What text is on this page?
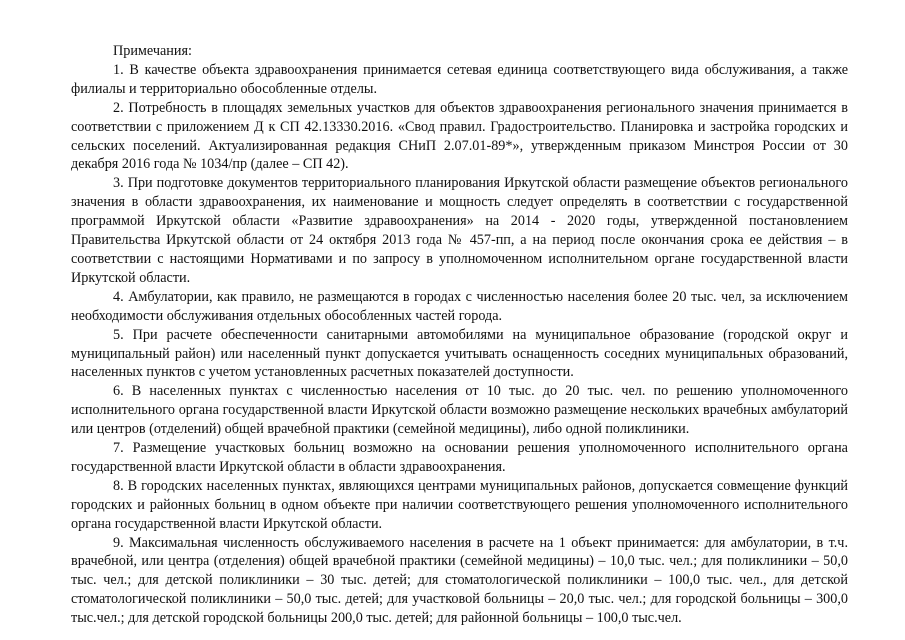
Примечания:

1. В качестве объекта здравоохранения принимается сетевая единица соответствующего вида обслуживания, а также филиалы и территориально обособленные отделы.

2. Потребность в площадях земельных участков для объектов здравоохранения регионального значения принимается в соответствии с приложением Д к СП 42.13330.2016. «Свод правил. Градостроительство. Планировка и застройка городских и сельских поселений. Актуализированная редакция СНиП 2.07.01-89*», утвержденным приказом Минстроя России от 30 декабря 2016 года № 1034/пр (далее – СП 42).

3. При подготовке документов территориального планирования Иркутской области размещение объектов регионального значения в области здравоохранения, их наименование и мощность следует определять в соответствии с государственной программой Иркутской области «Развитие здравоохранения» на 2014 - 2020 годы, утвержденной постановлением Правительства Иркутской области от 24 октября 2013 года № 457-пп, а на период после окончания срока ее действия – в соответствии с настоящими Нормативами и по запросу в уполномоченном исполнительном органе государственной власти Иркутской области.

4. Амбулатории, как правило, не размещаются в городах с численностью населения более 20 тыс. чел, за исключением необходимости обслуживания отдельных обособленных частей города.

5. При расчете обеспеченности санитарными автомобилями на муниципальное образование (городской округ и муниципальный район) или населенный пункт допускается учитывать оснащенность соседних муниципальных образований, населенных пунктов с учетом установленных расчетных показателей доступности.

6. В населенных пунктах с численностью населения от 10 тыс. до 20 тыс. чел. по решению уполномоченного исполнительного органа государственной власти Иркутской области возможно размещение нескольких врачебных амбулаторий или центров (отделений) общей врачебной практики (семейной медицины), либо одной поликлиники.

7. Размещение участковых больниц возможно на основании решения уполномоченного исполнительного органа государственной власти Иркутской области в области здравоохранения.

8. В городских населенных пунктах, являющихся центрами муниципальных районов, допускается совмещение функций городских и районных больниц в одном объекте при наличии соответствующего решения уполномоченного исполнительного органа государственной власти Иркутской области.

9. Максимальная численность обслуживаемого населения в расчете на 1 объект принимается: для амбулатории, в т.ч. врачебной, или центра (отделения) общей врачебной практики (семейной медицины) – 10,0 тыс. чел.; для поликлиники – 50,0 тыс. чел.; для детской поликлиники – 30 тыс. детей; для стоматологической поликлиники – 100,0 тыс. чел., для детской стоматологической поликлиники – 50,0 тыс. детей; для участковой больницы – 20,0 тыс. чел.; для городской больницы – 300,0 тыс.чел.; для детской городской больницы 200,0 тыс. детей; для районной больницы – 100,0 тыс.чел.
